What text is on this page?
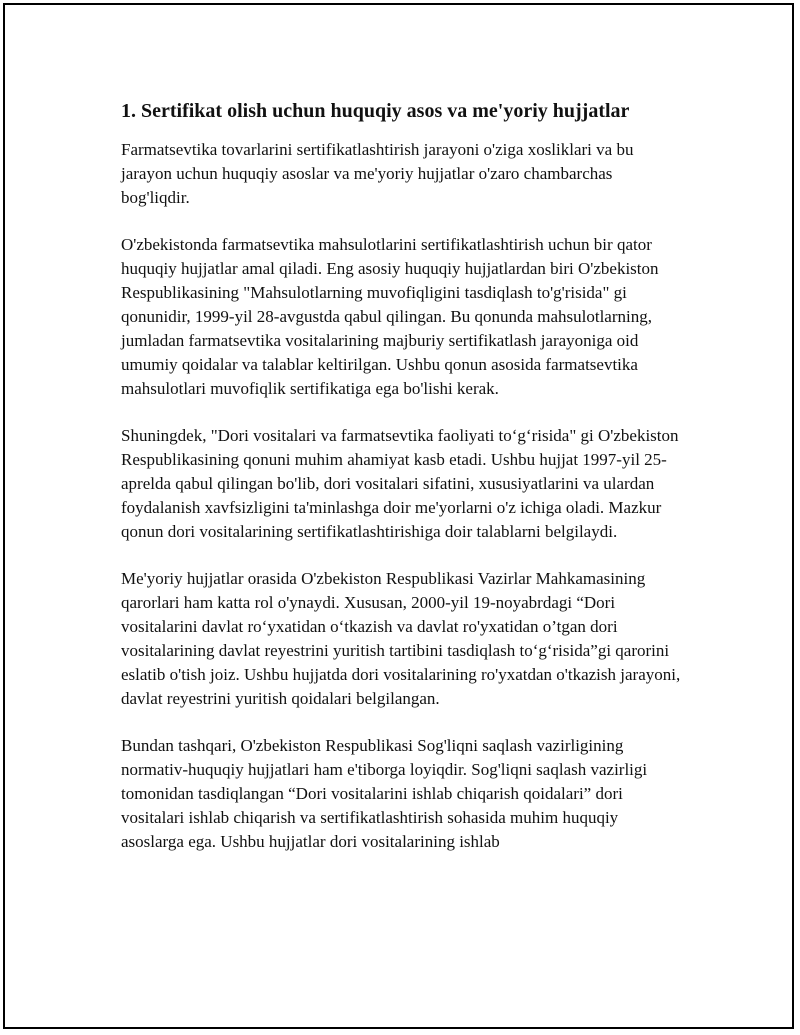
1. Sertifikat olish uchun huquqiy asos va me'yoriy hujjatlar

Farmatsevtika tovarlarini sertifikatlashtirish jarayoni o'ziga xosliklari va bu jarayon uchun huquqiy asoslar va me'yoriy hujjatlar o'zaro chambarchas bog'liqdir.

O'zbekistonda farmatsevtika mahsulotlarini sertifikatlashtirish uchun bir qator huquqiy hujjatlar amal qiladi. Eng asosiy huquqiy hujjatlardan biri O'zbekiston Respublikasining "Mahsulotlarning muvofiqligini tasdiqlash to'g'risida" gi qonunidir, 1999-yil 28-avgustda qabul qilingan. Bu qonunda mahsulotlarning, jumladan farmatsevtika vositalarining majburiy sertifikatlash jarayoniga oid umumiy qoidalar va talablar keltirilgan. Ushbu qonun asosida farmatsevtika mahsulotlari muvofiqlik sertifikatiga ega bo'lishi kerak.

Shuningdek, "Dori vositalari va farmatsevtika faoliyati to‘g‘risida" gi O'zbekiston Respublikasining qonuni muhim ahamiyat kasb etadi. Ushbu hujjat 1997-yil 25-aprelda qabul qilingan bo'lib, dori vositalari sifatini, xususiyatlarini va ulardan foydalanish xavfsizligini ta'minlashga doir me'yorlarni o'z ichiga oladi. Mazkur qonun dori vositalarining sertifikatlashtirishiga doir talablarni belgilaydi.

Me'yoriy hujjatlar orasida O'zbekiston Respublikasi Vazirlar Mahkamasining qarorlari ham katta rol o'ynaydi. Xususan, 2000-yil 19-noyabrdagi “Dori vositalarini davlat ro‘yxatidan o‘tkazish va davlat ro'yxatidan o’tgan dori vositalarining davlat reyestrini yuritish tartibini tasdiqlash to‘g‘risida”gi qarorini eslatib o'tish joiz. Ushbu hujjatda dori vositalarining ro'yxatdan o'tkazish jarayoni, davlat reyestrini yuritish qoidalari belgilangan.

Bundan tashqari, O'zbekiston Respublikasi Sog'liqni saqlash vazirligining normativ-huquqiy hujjatlari ham e'tiborga loyiqdir. Sog'liqni saqlash vazirligi tomonidan tasdiqlangan “Dori vositalarini ishlab chiqarish qoidalari” dori vositalari ishlab chiqarish va sertifikatlashtirish sohasida muhim huquqiy asoslarga ega. Ushbu hujjatlar dori vositalarining ishlab
